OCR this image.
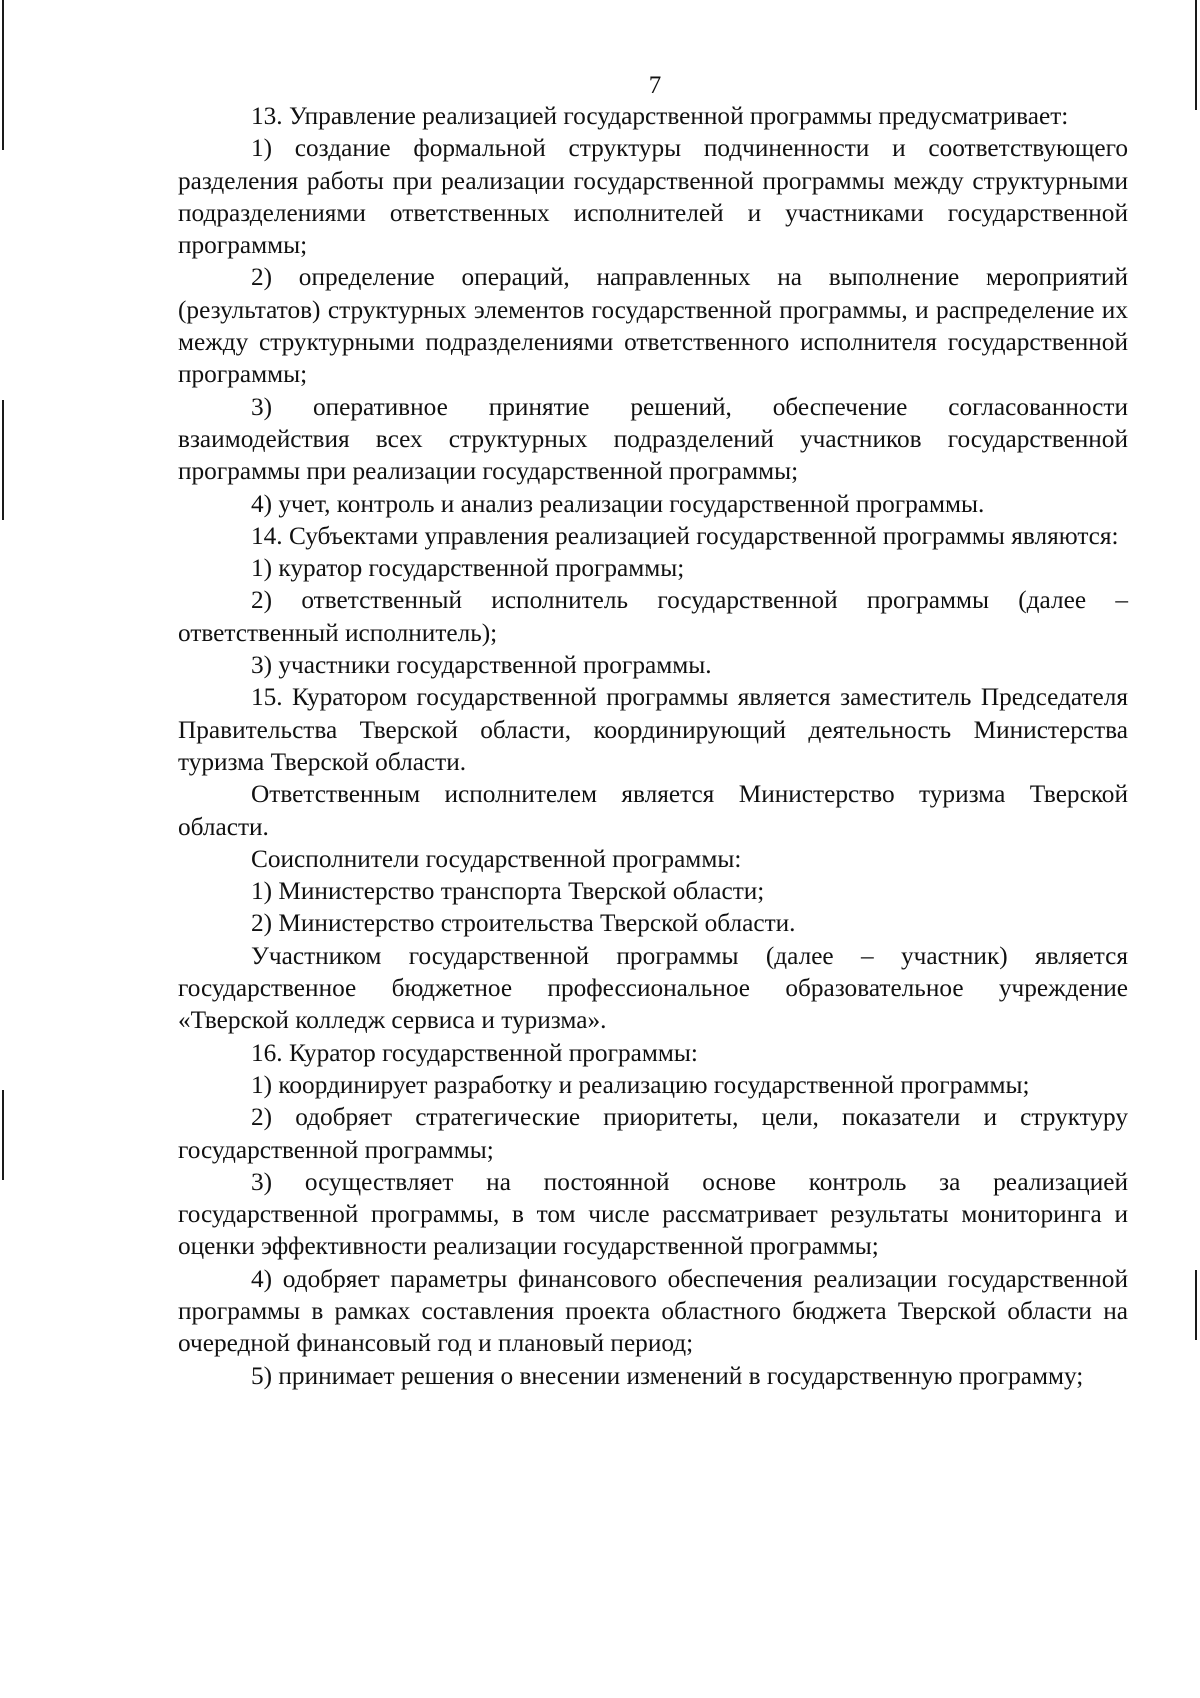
7

13. Управление реализацией государственной программы предусматривает:

1) создание формальной структуры подчиненности и соответствующего разделения работы при реализации государственной программы между структурными подразделениями ответственных исполнителей и участниками государственной программы;

2) определение операций, направленных на выполнение мероприятий (результатов) структурных элементов государственной программы, и распределение их между структурными подразделениями ответственного исполнителя государственной программы;

3) оперативное принятие решений, обеспечение согласованности взаимодействия всех структурных подразделений участников государственной программы при реализации государственной программы;

4) учет, контроль и анализ реализации государственной программы.

14. Субъектами управления реализацией государственной программы являются:

1) куратор государственной программы;

2) ответственный исполнитель государственной программы (далее – ответственный исполнитель);

3) участники государственной программы.

15. Куратором государственной программы является заместитель Председателя Правительства Тверской области, координирующий деятельность Министерства туризма Тверской области.

Ответственным исполнителем является Министерство туризма Тверской области.

Соисполнители государственной программы:

1) Министерство транспорта Тверской области;

2) Министерство строительства Тверской области.

Участником государственной программы (далее – участник) является государственное бюджетное профессиональное образовательное учреждение «Тверской колледж сервиса и туризма».

16. Куратор государственной программы:

1) координирует разработку и реализацию государственной программы;

2) одобряет стратегические приоритеты, цели, показатели и структуру государственной программы;

3) осуществляет на постоянной основе контроль за реализацией государственной программы, в том числе рассматривает результаты мониторинга и оценки эффективности реализации государственной программы;

4) одобряет параметры финансового обеспечения реализации государственной программы в рамках составления проекта областного бюджета Тверской области на очередной финансовый год и плановый период;

5) принимает решения о внесении изменений в государственную программу;
